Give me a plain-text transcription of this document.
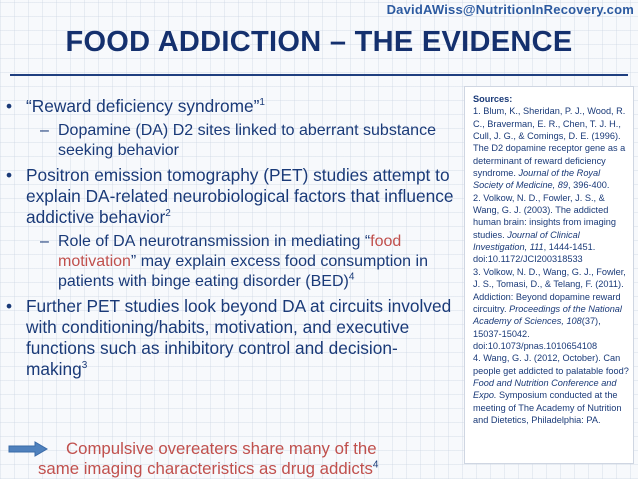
DavidAWiss@NutritionInRecovery.com
FOOD ADDICTION – THE EVIDENCE
• “Reward deficiency syndrome”$^1$
– Dopamine (DA) D2 sites linked to aberrant substance seeking behavior
• Positron emission tomography (PET) studies attempt to explain DA-related neurobiological factors that influence addictive behavior$^2$
– Role of DA neurotransmission in mediating “food motivation” may explain excess food consumption in patients with binge eating disorder (BED)$^4$
• Further PET studies look beyond DA at circuits involved with conditioning/habits, motivation, and executive functions such as inhibitory control and decision-making$^3$
Compulsive overeaters share many of the
same imaging characteristics as drug addicts$^4$
Sources:

1. Blum, K., Sheridan, P. J., Wood, R. C., Braverman, E. R., Chen, T. J. H., Cull, J. G., & Comings, D. E. (1996). The D2 dopamine receptor gene as a determinant of reward deficiency syndrome. Journal of the Royal Society of Medicine, 89, 396-400.

2. Volkow, N. D., Fowler, J. S., & Wang, G. J. (2003). The addicted human brain: insights from imaging studies. Journal of Clinical Investigation, 111, 1444-1451. doi:10.1172/JCI200318533

3. Volkow, N. D., Wang, G. J., Fowler, J. S., Tomasi, D., & Telang, F. (2011). Addiction: Beyond dopamine reward circuitry. Proceedings of the National Academy of Sciences, 108(37), 15037-15042. doi:10.1073/pnas.1010654108

4. Wang, G. J. (2012, October). Can people get addicted to palatable food? Food and Nutrition Conference and Expo. Symposium conducted at the meeting of The Academy of Nutrition and Dietetics, Philadelphia: PA.
